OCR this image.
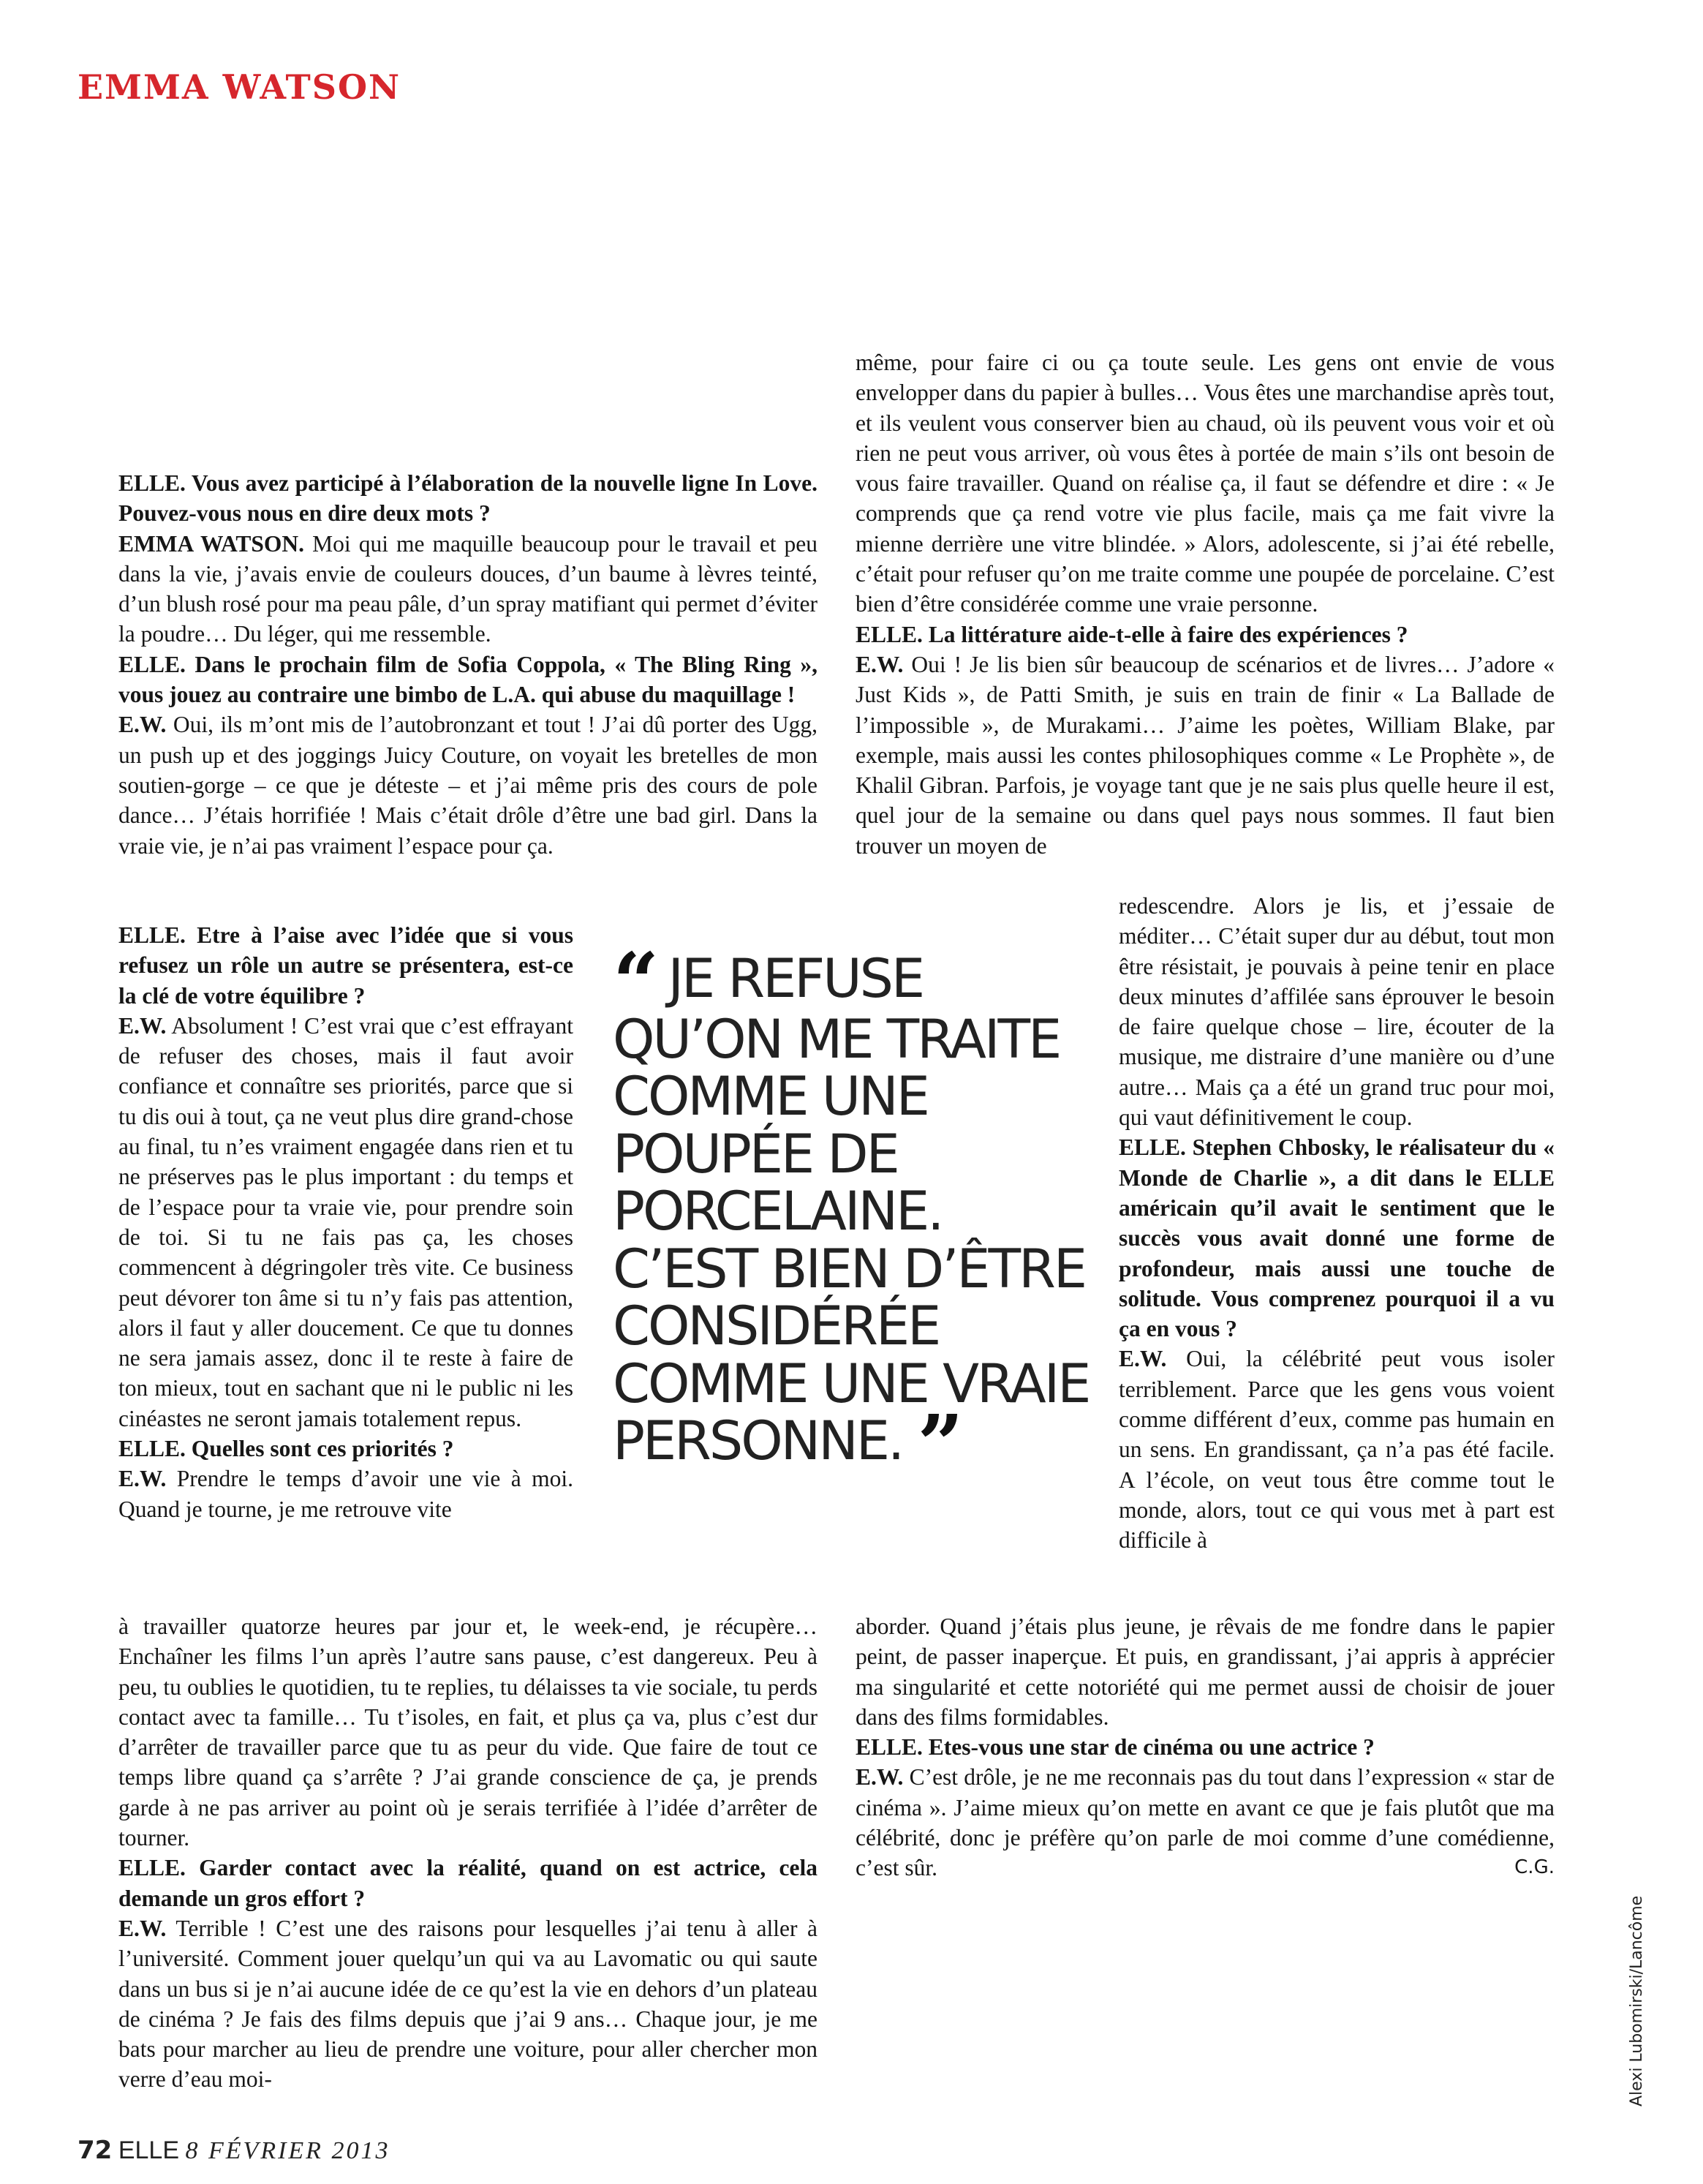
EMMA WATSON

ELLE. Vous avez participé à l’élaboration de la nouvelle ligne In Love. Pouvez-vous nous en dire deux mots ?

EMMA WATSON. Moi qui me maquille beaucoup pour le travail et peu dans la vie, j’avais envie de couleurs douces, d’un baume à lèvres teinté, d’un blush rosé pour ma peau pâle, d’un spray matifiant qui permet d’éviter la poudre… Du léger, qui me ressemble.

ELLE. Dans le prochain film de Sofia Coppola, « The Bling Ring », vous jouez au contraire une bimbo de L.A. qui abuse du maquillage !

E.W. Oui, ils m’ont mis de l’autobronzant et tout ! J’ai dû porter des Ugg, un push up et des joggings Juicy Couture, on voyait les bretelles de mon soutien-gorge – ce que je déteste – et j’ai même pris des cours de pole dance… J’étais horrifiée ! Mais c’était drôle d’être une bad girl. Dans la vraie vie, je n’ai pas vraiment l’espace pour ça.

ELLE. Etre à l’aise avec l’idée que si vous refusez un rôle un autre se présentera, est-ce la clé de votre équilibre ?

E.W. Absolument ! C’est vrai que c’est effrayant de refuser des choses, mais il faut avoir confiance et connaître ses priorités, parce que si tu dis oui à tout, ça ne veut plus dire grand-chose au final, tu n’es vraiment engagée dans rien et tu ne préserves pas le plus important : du temps et de l’espace pour ta vraie vie, pour prendre soin de toi. Si tu ne fais pas ça, les choses commencent à dégringoler très vite. Ce business peut dévorer ton âme si tu n’y fais pas attention, alors il faut y aller doucement. Ce que tu donnes ne sera jamais assez, donc il te reste à faire de ton mieux, tout en sachant que ni le public ni les cinéastes ne seront jamais totalement repus.

ELLE. Quelles sont ces priorités ?

E.W. Prendre le temps d’avoir une vie à moi. Quand je tourne, je me retrouve vite

à travailler quatorze heures par jour et, le week-end, je récupère… Enchaîner les films l’un après l’autre sans pause, c’est dangereux. Peu à peu, tu oublies le quotidien, tu te replies, tu délaisses ta vie sociale, tu perds contact avec ta famille… Tu t’isoles, en fait, et plus ça va, plus c’est dur d’arrêter de travailler parce que tu as peur du vide. Que faire de tout ce temps libre quand ça s’arrête ? J’ai grande conscience de ça, je prends garde à ne pas arriver au point où je serais terrifiée à l’idée d’arrêter de tourner.

ELLE. Garder contact avec la réalité, quand on est actrice, cela demande un gros effort ?

E.W. Terrible ! C’est une des raisons pour lesquelles j’ai tenu à aller à l’université. Comment jouer quelqu’un qui va au Lavomatic ou qui saute dans un bus si je n’ai aucune idée de ce qu’est la vie en dehors d’un plateau de cinéma ? Je fais des films depuis que j’ai 9 ans… Chaque jour, je me bats pour marcher au lieu de prendre une voiture, pour aller chercher mon verre d’eau moi-

même, pour faire ci ou ça toute seule. Les gens ont envie de vous envelopper dans du papier à bulles… Vous êtes une marchandise après tout, et ils veulent vous conserver bien au chaud, où ils peuvent vous voir et où rien ne peut vous arriver, où vous êtes à portée de main s’ils ont besoin de vous faire travailler. Quand on réalise ça, il faut se défendre et dire : « Je comprends que ça rend votre vie plus facile, mais ça me fait vivre la mienne derrière une vitre blindée. » Alors, adolescente, si j’ai été rebelle, c’était pour refuser qu’on me traite comme une poupée de porcelaine. C’est bien d’être considérée comme une vraie personne.

ELLE. La littérature aide-t-elle à faire des expériences ?

E.W. Oui ! Je lis bien sûr beaucoup de scénarios et de livres… J’adore « Just Kids », de Patti Smith, je suis en train de finir « La Ballade de l’impossible », de Murakami… J’aime les poètes, William Blake, par exemple, mais aussi les contes philosophiques comme « Le Prophète », de Khalil Gibran. Parfois, je voyage tant que je ne sais plus quelle heure il est, quel jour de la semaine ou dans quel pays nous sommes. Il faut bien trouver un moyen de

redescendre. Alors je lis, et j’essaie de méditer… C’était super dur au début, tout mon être résistait, je pouvais à peine tenir en place deux minutes d’affilée sans éprouver le besoin de faire quelque chose – lire, écouter de la musique, me distraire d’une manière ou d’une autre… Mais ça a été un grand truc pour moi, qui vaut définitivement le coup.

ELLE. Stephen Chbosky, le réalisateur du « Monde de Charlie », a dit dans le ELLE américain qu’il avait le sentiment que le succès vous avait donné une forme de profondeur, mais aussi une touche de solitude. Vous comprenez pourquoi il a vu ça en vous ?

E.W. Oui, la célébrité peut vous isoler terriblement. Parce que les gens vous voient comme différent d’eux, comme pas humain en un sens. En grandissant, ça n’a pas été facile. A l’école, on veut tous être comme tout le monde, alors, tout ce qui vous met à part est difficile à

aborder. Quand j’étais plus jeune, je rêvais de me fondre dans le papier peint, de passer inaperçue. Et puis, en grandissant, j’ai appris à apprécier ma singularité et cette notoriété qui me permet aussi de choisir de jouer dans des films formidables.

ELLE. Etes-vous une star de cinéma ou une actrice ?

E.W. C’est drôle, je ne me reconnais pas du tout dans l’expression « star de cinéma ». J’aime mieux qu’on mette en avant ce que je fais plutôt que ma célébrité, donc je préfère qu’on parle de moi comme d’une comédienne, c’est sûr.	C.G.
“ JE REFUSE QU’ON ME TRAITE COMME UNE POUPÉE DE PORCELAINE. C’EST BIEN D’ÊTRE CONSIDÉRÉE COMME UNE VRAIE PERSONNE. ”
72 ELLE 8 FÉVRIER 2013
Alexi Lubomirski/Lancôme
